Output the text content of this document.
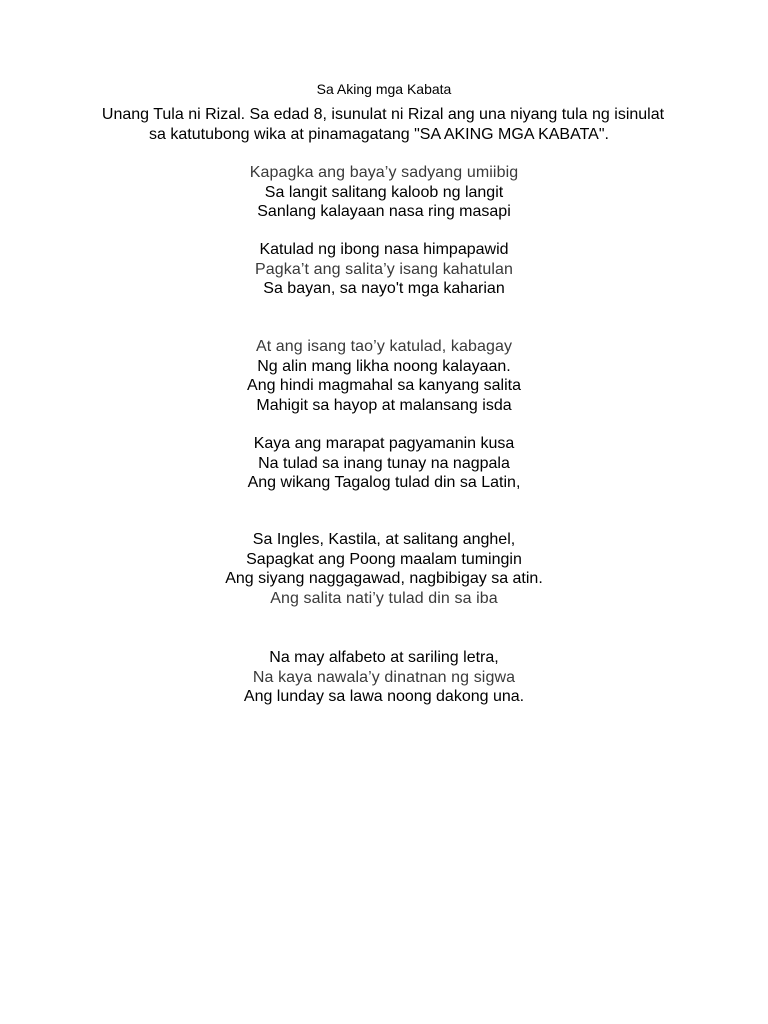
Sa Aking mga Kabata
Unang Tula ni Rizal. Sa edad 8, isunulat ni Rizal ang una niyang tula ng isinulat
sa katutubong wika at pinamagatang "SA AKING MGA KABATA".
Kapagka ang baya’y sadyang umiibig
Sa langit salitang kaloob ng langit
Sanlang kalayaan nasa ring masapi
Katulad ng ibong nasa himpapawid
Pagka’t ang salita’y isang kahatulan
Sa bayan, sa nayo't mga kaharian
At ang isang tao’y katulad, kabagay
Ng alin mang likha noong kalayaan.
Ang hindi magmahal sa kanyang salita
Mahigit sa hayop at malansang isda
Kaya ang marapat pagyamanin kusa
Na tulad sa inang tunay na nagpala
Ang wikang Tagalog tulad din sa Latin,
Sa Ingles, Kastila, at salitang anghel,
Sapagkat ang Poong maalam tumingin
Ang siyang naggagawad, nagbibigay sa atin.
Ang salita nati’y tulad din sa iba
Na may alfabeto at sariling letra,
Na kaya nawala’y dinatnan ng sigwa
Ang lunday sa lawa noong dakong una.
